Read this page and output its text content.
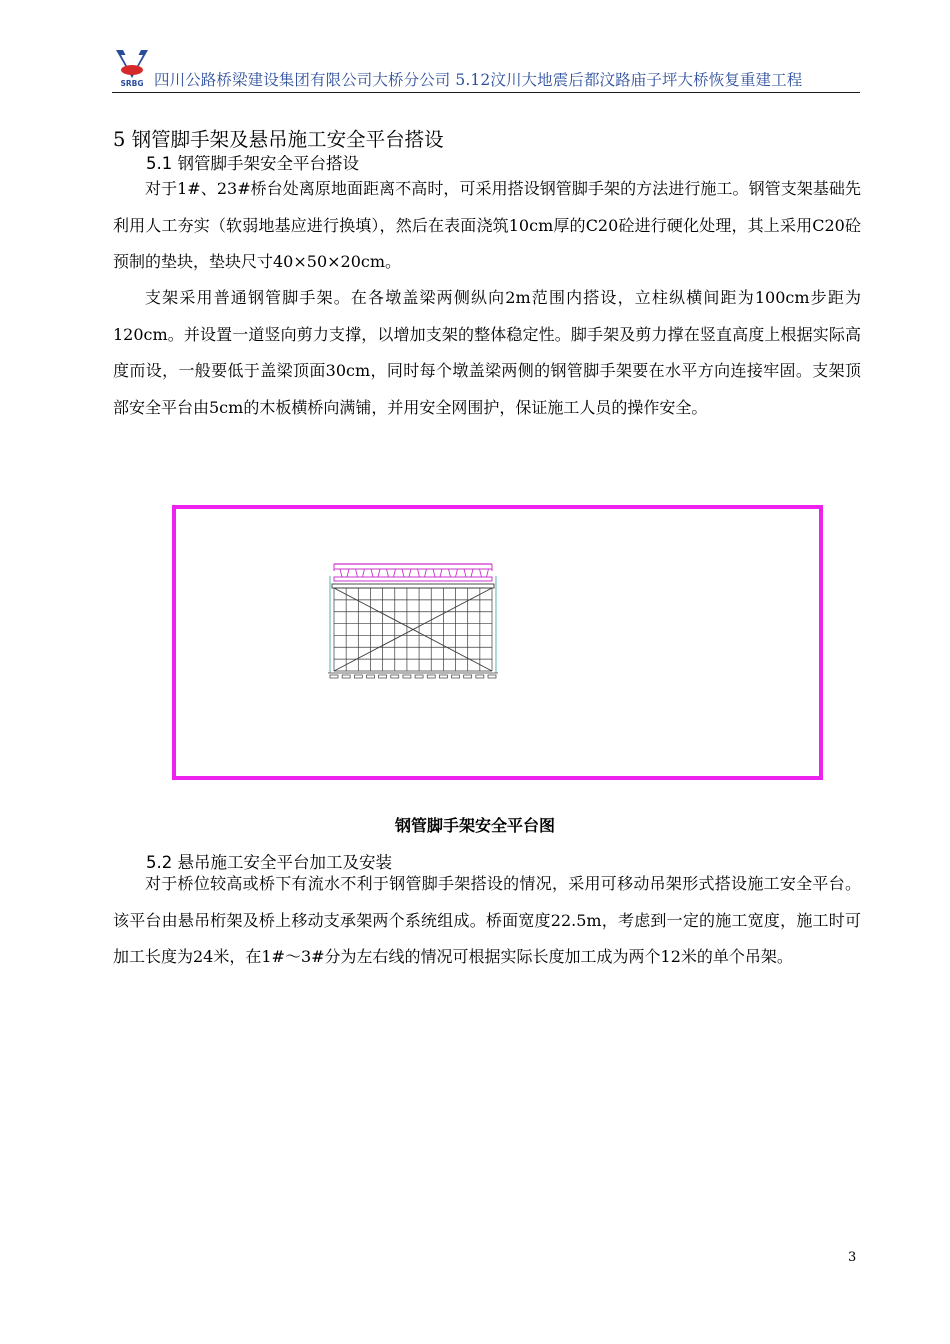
SRBG 四川公路桥梁建设集团有限公司大桥分公司 5.12汶川大地震后都汶路庙子坪大桥恢复重建工程
5 钢管脚手架及悬吊施工安全平台搭设
5.1 钢管脚手架安全平台搭设
对于1#、23#桥台处离原地面距离不高时，可采用搭设钢管脚手架的方法进行施工。钢管支架基础先利用人工夯实（软弱地基应进行换填），然后在表面浇筑10cm厚的C20砼进行硬化处理，其上采用C20砼预制的垫块，垫块尺寸40×50×20cm。
支架采用普通钢管脚手架。在各墩盖梁两侧纵向2m范围内搭设，立柱纵横间距为100cm步距为120cm。并设置一道竖向剪力支撑，以增加支架的整体稳定性。脚手架及剪力撑在竖直高度上根据实际高度而设，一般要低于盖梁顶面30cm，同时每个墩盖梁两侧的钢管脚手架要在水平方向连接牢固。支架顶部安全平台由5cm的木板横桥向满铺，并用安全网围护，保证施工人员的操作安全。
钢管脚手架安全平台图
5.2 悬吊施工安全平台加工及安装
对于桥位较高或桥下有流水不利于钢管脚手架搭设的情况，采用可移动吊架形式搭设施工安全平台。该平台由悬吊桁架及桥上移动支承架两个系统组成。桥面宽度22.5m，考虑到一定的施工宽度，施工时可加工长度为24米，在1#～3#分为左右线的情况可根据实际长度加工成为两个12米的单个吊架。
3
